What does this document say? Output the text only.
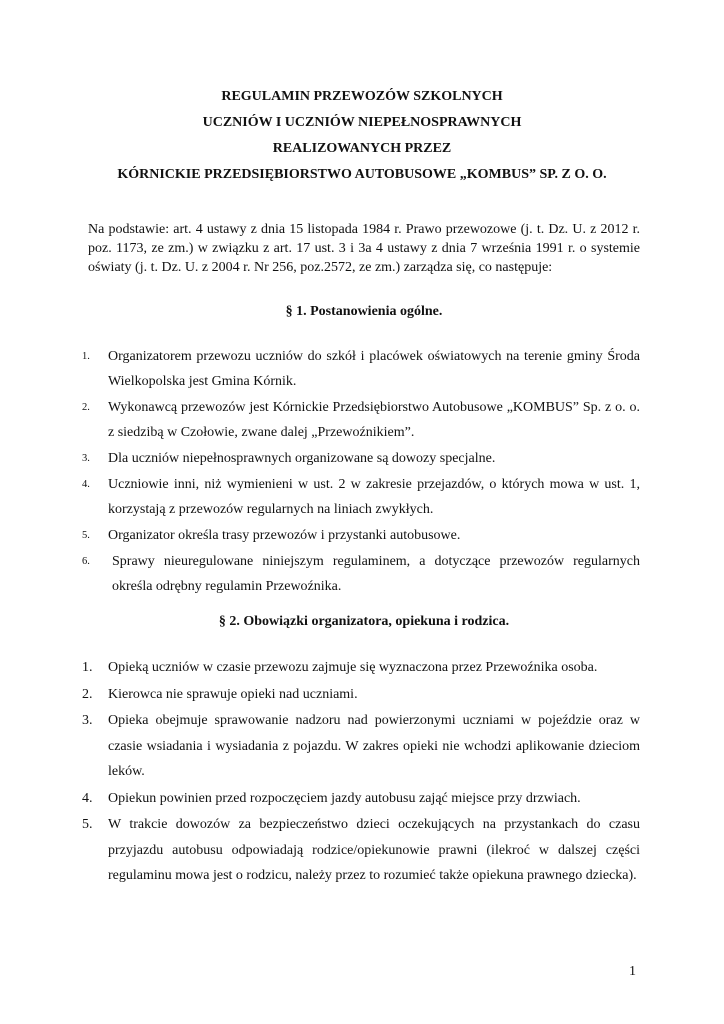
REGULAMIN PRZEWOZÓW SZKOLNYCH
UCZNIÓW I UCZNIÓW NIEPEŁNOSPRAWNYCH
REALIZOWANYCH PRZEZ
KÓRNICKIE PRZEDSIĘBIORSTWO AUTOBUSOWE „KOMBUS” SP. Z O. O.

Na podstawie: art. 4 ustawy z dnia 15 listopada 1984 r. Prawo przewozowe (j. t. Dz. U. z 2012 r. poz. 1173, ze zm.) w związku z art. 17 ust. 3 i 3a 4 ustawy z dnia 7 września 1991 r. o systemie oświaty (j. t. Dz. U. z 2004 r. Nr 256, poz.2572, ze zm.) zarządza się, co następuje:

§ 1. Postanowienia ogólne.
1.	Organizatorem przewozu uczniów do szkół i placówek oświatowych na terenie gminy Środa Wielkopolska jest Gmina Kórnik.
2.	Wykonawcą przewozów jest Kórnickie Przedsiębiorstwo Autobusowe „KOMBUS” Sp. z o. o. z siedzibą w Czołowie, zwane dalej „Przewoźnikiem”.
3.	Dla uczniów niepełnosprawnych organizowane są dowozy specjalne.
4.	Uczniowie inni, niż wymienieni w ust. 2 w zakresie przejazdów, o których mowa w ust. 1, korzystają z przewozów regularnych na liniach zwykłych.
5.	Organizator określa trasy przewozów i przystanki autobusowe.
6.	Sprawy nieuregulowane niniejszym regulaminem, a dotyczące przewozów regularnych określa odrębny regulamin Przewoźnika.
§ 2. Obowiązki organizatora, opiekuna i rodzica.
1.	Opieką uczniów w czasie przewozu zajmuje się wyznaczona przez Przewoźnika osoba.
2.	Kierowca nie sprawuje opieki nad uczniami.
3.	Opieka obejmuje sprawowanie nadzoru nad powierzonymi uczniami w pojeździe oraz w czasie wsiadania i wysiadania z pojazdu. W zakres opieki nie wchodzi aplikowanie dzieciom leków.
4.	Opiekun powinien przed rozpoczęciem jazdy autobusu zająć miejsce przy drzwiach.
5.	W trakcie dowozów za bezpieczeństwo dzieci oczekujących na przystankach do czasu przyjazdu autobusu odpowiadają rodzice/opiekunowie prawni (ilekroć w dalszej części regulaminu mowa jest o rodzicu, należy przez to rozumieć także opiekuna prawnego dziecka).
1
